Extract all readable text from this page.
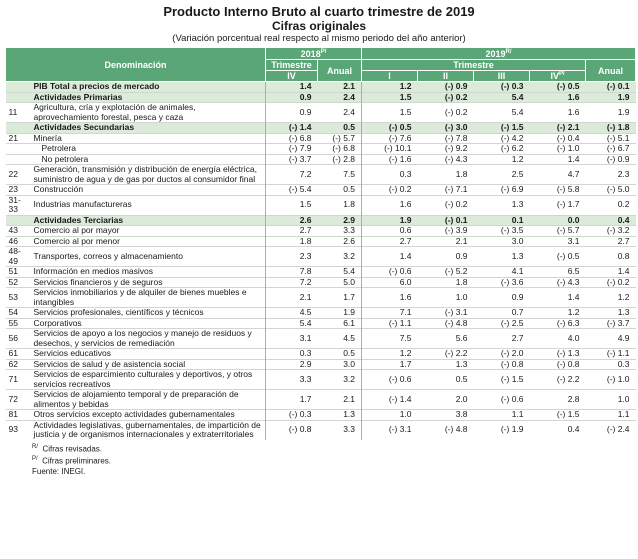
Producto Interno Bruto al cuarto trimestre de 2019
Cifras originales
(Variación porcentual real respecto al mismo periodo del año anterior)
Denominación		$2018^{P/}$		$2019^{R/}$
		Trimestre	Anual	Trimestre				Anual
		IV		I	II	III	$IV^{P/}$
	PIB Total a precios de mercado	1.4	2.1	1.2	(-) 0.9	(-) 0.3	(-) 0.5	(-) 0.1
	Actividades Primarias	0.9	2.4	1.5	(-) 0.2	5.4	1.6	1.9
11	Agricultura, cría y explotación de animales, aprovechamiento forestal, pesca y caza	0.9	2.4	1.5	(-) 0.2	5.4	1.6	1.9
	Actividades Secundarias	(-) 1.4	0.5	(-) 0.5	(-) 3.0	(-) 1.5	(-) 2.1	(-) 1.8
21	Minería	(-) 6.8	(-) 5.7	(-) 7.6	(-) 7.8	(-) 4.2	(-) 0.4	(-) 5.1
	Petrolera	(-) 7.9	(-) 6.8	(-) 10.1	(-) 9.2	(-) 6.2	(-) 1.0	(-) 6.7
	No petrolera	(-) 3.7	(-) 2.8	(-) 1.6	(-) 4.3	1.2	1.4	(-) 0.9
22	Generación, transmisión y distribución de energía eléctrica, suministro de agua y de gas por ductos al consumidor final	7.2	7.5	0.3	1.8	2.5	4.7	2.3
23	Construcción	(-) 5.4	0.5	(-) 0.2	(-) 7.1	(-) 6.9	(-) 5.8	(-) 5.0
31-33	Industrias manufactureras	1.5	1.8	1.6	(-) 0.2	1.3	(-) 1.7	0.2
	Actividades Terciarias	2.6	2.9	1.9	(-) 0.1	0.1	0.0	0.4
43	Comercio al por mayor	2.7	3.3	0.6	(-) 3.9	(-) 3.5	(-) 5.7	(-) 3.2
46	Comercio al por menor	1.8	2.6	2.7	2.1	3.0	3.1	2.7
48-49	Transportes, correos y almacenamiento	2.3	3.2	1.4	0.9	1.3	(-) 0.5	0.8
51	Información en medios masivos	7.8	5.4	(-) 0.6	(-) 5.2	4.1	6.5	1.4
52	Servicios financieros y de seguros	7.2	5.0	6.0	1.8	(-) 3.6	(-) 4.3	(-) 0.2
53	Servicios inmobiliarios y de alquiler de bienes muebles e intangibles	2.1	1.7	1.6	1.0	0.9	1.4	1.2
54	Servicios profesionales, científicos y técnicos	4.5	1.9	7.1	(-) 3.1	0.7	1.2	1.3
55	Corporativos	5.4	6.1	(-) 1.1	(-) 4.8	(-) 2.5	(-) 6.3	(-) 3.7
56	Servicios de apoyo a los negocios y manejo de residuos y desechos, y servicios de remediación	3.1	4.5	7.5	5.6	2.7	4.0	4.9
61	Servicios educativos	0.3	0.5	1.2	(-) 2.2	(-) 2.0	(-) 1.3	(-) 1.1
62	Servicios de salud y de asistencia social	2.9	3.0	1.7	1.3	(-) 0.8	(-) 0.8	0.3
71	Servicios de esparcimiento culturales y deportivos, y otros servicios recreativos	3.3	3.2	(-) 0.6	0.5	(-) 1.5	(-) 2.2	(-) 1.0
72	Servicios de alojamiento temporal y de preparación de alimentos y bebidas	1.7	2.1	(-) 1.4	2.0	(-) 0.6	2.8	1.0
81	Otros servicios excepto actividades gubernamentales	(-) 0.3	1.3	1.0	3.8	1.1	(-) 1.5	1.1
93	Actividades legislativas, gubernamentales, de impartición de justicia y de organismos internacionales y extraterritoriales	(-) 0.8	3.3	(-) 3.1	(-) 4.8	(-) 1.9	0.4	(-) 2.4
$^{R/}$ Cifras revisadas.
$^{P/}$ Cifras preliminares.
Fuente: INEGI.
